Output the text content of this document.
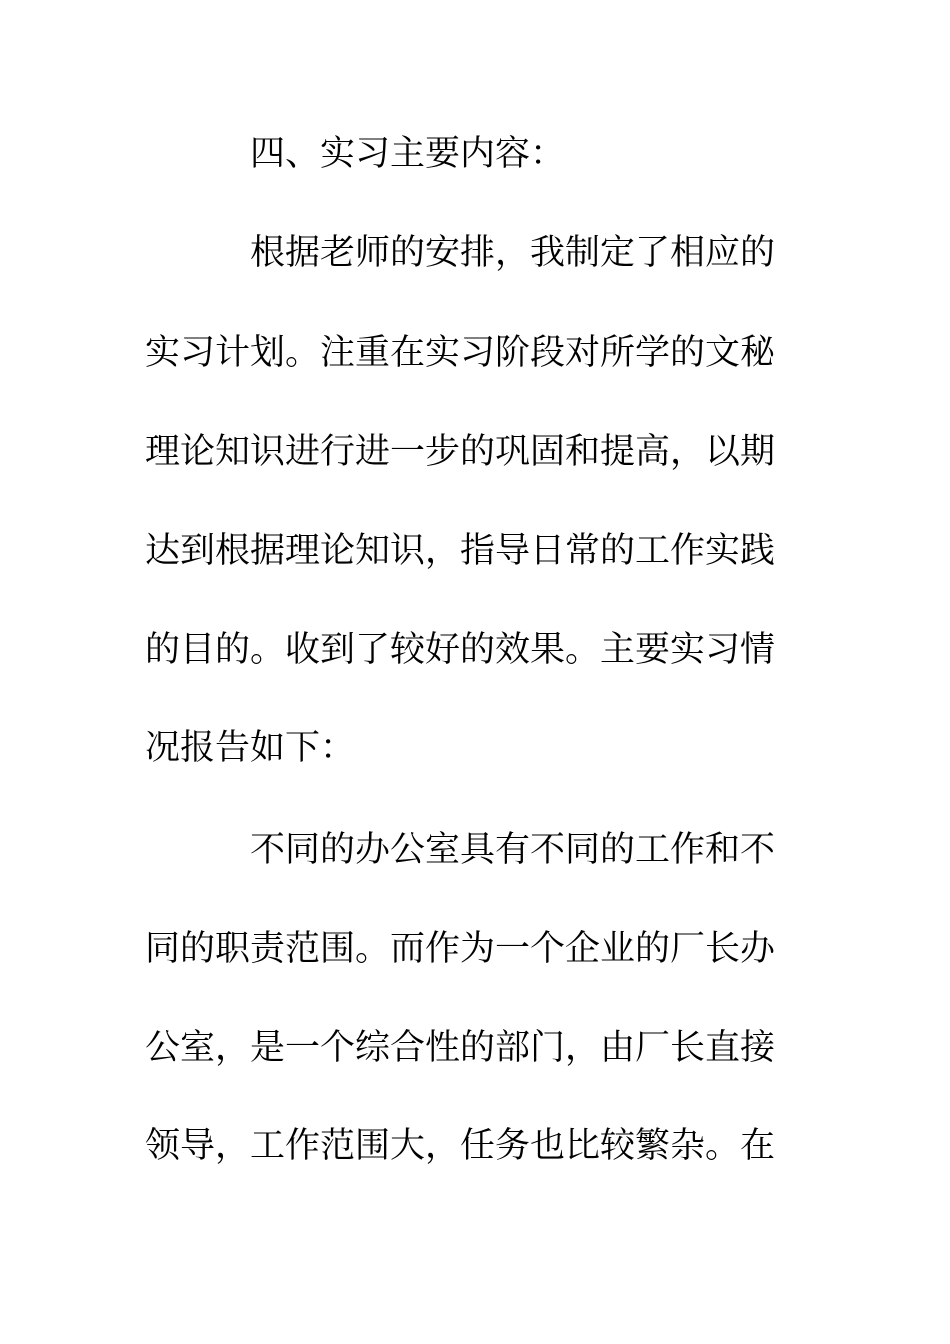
四、实习主要内容：
根据老师的安排，我制定了相应的
实习计划。注重在实习阶段对所学的文秘
理论知识进行进一步的巩固和提高，以期
达到根据理论知识，指导日常的工作实践
的目的。收到了较好的效果。主要实习情
况报告如下：
不同的办公室具有不同的工作和不
同的职责范围。而作为一个企业的厂长办
公室，是一个综合性的部门，由厂长直接
领导，工作范围大，任务也比较繁杂。在
